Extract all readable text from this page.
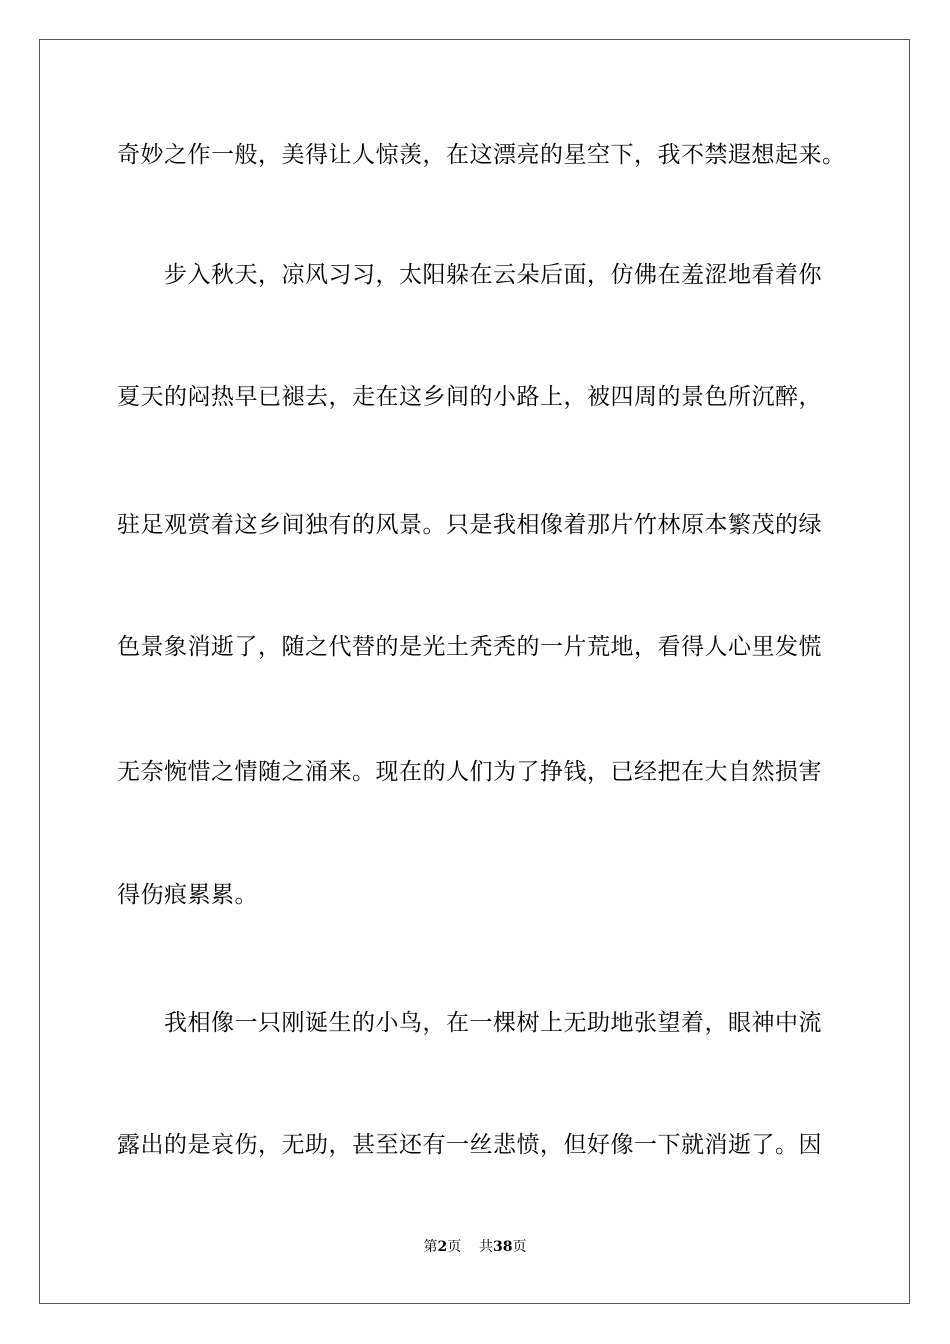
奇妙之作一般，美得让人惊羡，在这漂亮的星空下，我不禁遐想起来。
步入秋天，凉风习习，太阳躲在云朵后面，仿佛在羞涩地看着你
夏天的闷热早已褪去，走在这乡间的小路上，被四周的景色所沉醉，
驻足观赏着这乡间独有的风景。只是我相像着那片竹林原本繁茂的绿
色景象消逝了，随之代替的是光土秃秃的一片荒地，看得人心里发慌
无奈惋惜之情随之涌来。现在的人们为了挣钱，已经把在大自然损害
得伤痕累累。
我相像一只刚诞生的小鸟，在一棵树上无助地张望着，眼神中流
露出的是哀伤，无助，甚至还有一丝悲愤，但好像一下就消逝了。因
第2页 共38页
